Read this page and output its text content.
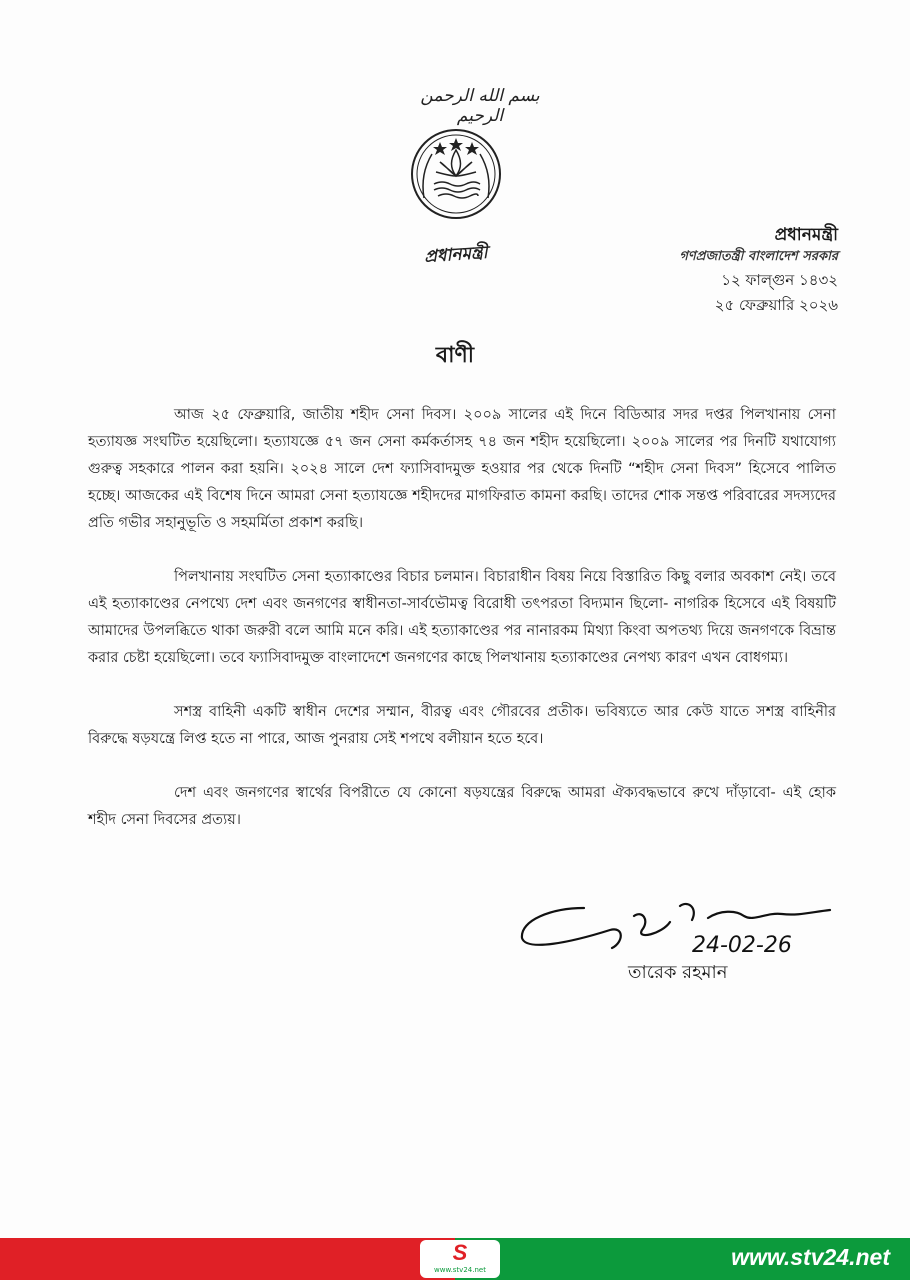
بسم الله الرحمن الرحيم
প্রধানমন্ত্রী
প্রধানমন্ত্রী
গণপ্রজাতন্ত্রী বাংলাদেশ সরকার
১২ ফাল্গুন ১৪৩২
২৫ ফেব্রুয়ারি ২০২৬
বাণী

আজ ২৫ ফেব্রুয়ারি, জাতীয় শহীদ সেনা দিবস। ২০০৯ সালের এই দিনে বিডিআর সদর দপ্তর পিলখানায় সেনা হত্যাযজ্ঞ সংঘটিত হয়েছিলো। হত্যাযজ্ঞে ৫৭ জন সেনা কর্মকর্তাসহ ৭৪ জন শহীদ হয়েছিলো। ২০০৯ সালের পর দিনটি যথাযোগ্য গুরুত্ব সহকারে পালন করা হয়নি। ২০২৪ সালে দেশ ফ্যাসিবাদমুক্ত হওয়ার পর থেকে দিনটি “শহীদ সেনা দিবস” হিসেবে পালিত হচ্ছে। আজকের এই বিশেষ দিনে আমরা সেনা হত্যাযজ্ঞে শহীদদের মাগফিরাত কামনা করছি। তাদের শোক সন্তপ্ত পরিবারের সদস্যদের প্রতি গভীর সহানুভূতি ও সহমর্মিতা প্রকাশ করছি।

পিলখানায় সংঘটিত সেনা হত্যাকাণ্ডের বিচার চলমান। বিচারাধীন বিষয় নিয়ে বিস্তারিত কিছু বলার অবকাশ নেই। তবে এই হত্যাকাণ্ডের নেপথ্যে দেশ এবং জনগণের স্বাধীনতা-সার্বভৌমত্ব বিরোধী তৎপরতা বিদ্যমান ছিলো- নাগরিক হিসেবে এই বিষয়টি আমাদের উপলব্ধিতে থাকা জরুরী বলে আমি মনে করি। এই হত্যাকাণ্ডের পর নানারকম মিথ্যা কিংবা অপতথ্য দিয়ে জনগণকে বিভ্রান্ত করার চেষ্টা হয়েছিলো। তবে ফ্যাসিবাদমুক্ত বাংলাদেশে জনগণের কাছে পিলখানায় হত্যাকাণ্ডের নেপথ্য কারণ এখন বোধগম্য।

সশস্ত্র বাহিনী একটি স্বাধীন দেশের সম্মান, বীরত্ব এবং গৌরবের প্রতীক। ভবিষ্যতে আর কেউ যাতে সশস্ত্র বাহিনীর বিরুদ্ধে ষড়যন্ত্রে লিপ্ত হতে না পারে, আজ পুনরায় সেই শপথে বলীয়ান হতে হবে।

দেশ এবং জনগণের স্বার্থের বিপরীতে যে কোনো ষড়যন্ত্রের বিরুদ্ধে আমরা ঐক্যবদ্ধভাবে রুখে দাঁড়াবো- এই হোক শহীদ সেনা দিবসের প্রত্যয়।

24-02-26
তারেক রহমান
S
www.stv24.net	www.stv24.net
